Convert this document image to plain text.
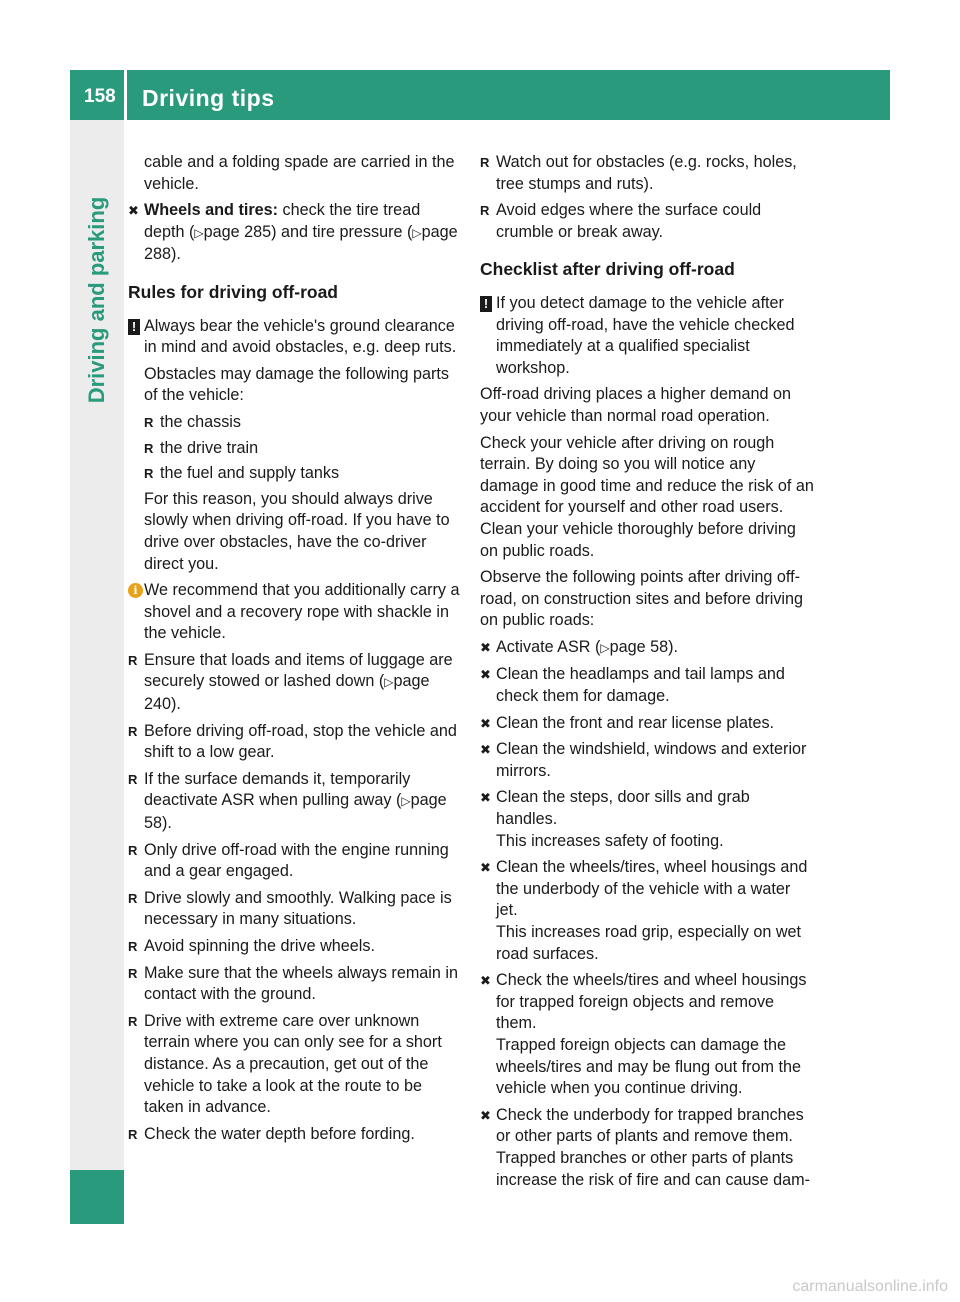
158 Driving tips
Driving and parking
carmanualsonline.info

cable and a folding spade are carried in the vehicle.

✖ Wheels and tires: check the tire tread depth (▷page 285) and tire pressure (▷page 288).
Rules for driving off-road
! Always bear the vehicle's ground clearance in mind and avoid obstacles, e.g. deep ruts.

Obstacles may damage the following parts of the vehicle:

R the chassis
R the drive train
R the fuel and supply tanks

For this reason, you should always drive slowly when driving off-road. If you have to drive over obstacles, have the co-driver direct you.

i We recommend that you additionally carry a shovel and a recovery rope with shackle in the vehicle.
R Ensure that loads and items of luggage are securely stowed or lashed down (▷page 240).
R Before driving off-road, stop the vehicle and shift to a low gear.
R If the surface demands it, temporarily deactivate ASR when pulling away (▷page 58).
R Only drive off-road with the engine running and a gear engaged.
R Drive slowly and smoothly. Walking pace is necessary in many situations.
R Avoid spinning the drive wheels.
R Make sure that the wheels always remain in contact with the ground.
R Drive with extreme care over unknown terrain where you can only see for a short distance. As a precaution, get out of the vehicle to take a look at the route to be taken in advance.
R Check the water depth before fording.
R Watch out for obstacles (e.g. rocks, holes, tree stumps and ruts).
R Avoid edges where the surface could crumble or break away.
Checklist after driving off-road
! If you detect damage to the vehicle after driving off-road, have the vehicle checked immediately at a qualified specialist workshop.

Off-road driving places a higher demand on your vehicle than normal road operation.

Check your vehicle after driving on rough terrain. By doing so you will notice any damage in good time and reduce the risk of an accident for yourself and other road users. Clean your vehicle thoroughly before driving on public roads.

Observe the following points after driving off-road, on construction sites and before driving on public roads:

✖ Activate ASR (▷page 58).
✖ Clean the headlamps and tail lamps and check them for damage.
✖ Clean the front and rear license plates.
✖ Clean the windshield, windows and exterior mirrors.
✖ Clean the steps, door sills and grab handles.
This increases safety of footing.
✖ Clean the wheels/tires, wheel housings and the underbody of the vehicle with a water jet.
This increases road grip, especially on wet road surfaces.
✖ Check the wheels/tires and wheel housings for trapped foreign objects and remove them.
Trapped foreign objects can damage the wheels/tires and may be flung out from the vehicle when you continue driving.
✖ Check the underbody for trapped branches or other parts of plants and remove them.
Trapped branches or other parts of plants increase the risk of fire and can cause dam-
